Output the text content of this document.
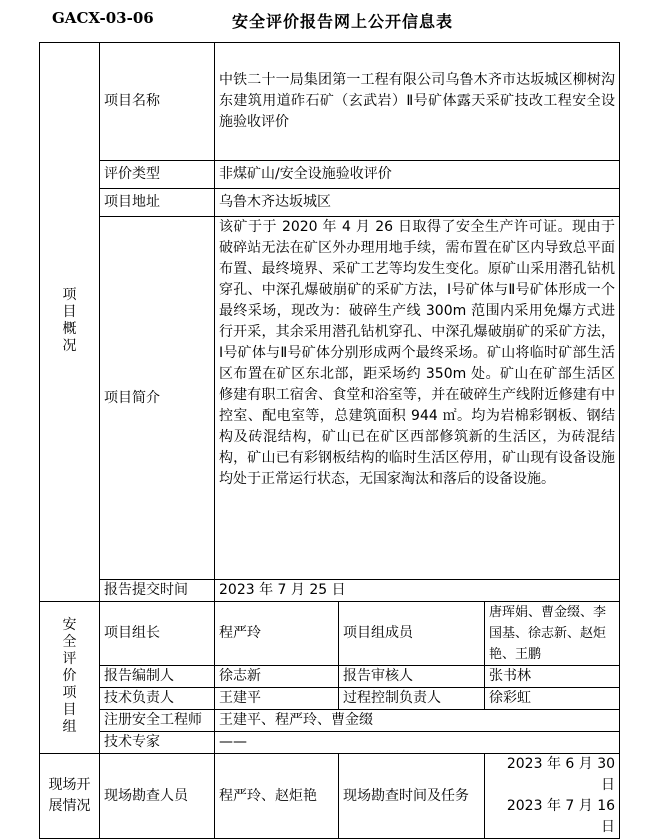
GACX-03-06	安全评价报告网上公开信息表
项目概况	项目名称	中铁二十一局集团第一工程有限公司乌鲁木齐市达坂城区柳树沟东建筑用道砟石矿（玄武岩）Ⅱ号矿体露天采矿技改工程安全设施验收评价		
	评价类型	非煤矿山/安全设施验收评价		
	项目地址	乌鲁木齐达坂城区		
	项目简介	该矿于于 2020 年 4 月 26 日取得了安全生产许可证。现由于破碎站无法在矿区外办理用地手续，需布置在矿区内导致总平面布置、最终境界、采矿工艺等均发生变化。原矿山采用潜孔钻机穿孔、中深孔爆破崩矿的采矿方法，Ⅰ号矿体与Ⅱ号矿体形成一个最终采场，现改为：破碎生产线 300m 范围内采用免爆方式进行开采，其余采用潜孔钻机穿孔、中深孔爆破崩矿的采矿方法，Ⅰ号矿体与Ⅱ号矿体分别形成两个最终采场。矿山将临时矿部生活区布置在矿区东北部，距采场约 350m 处。矿山在矿部生活区修建有职工宿舍、食堂和浴室等，并在破碎生产线附近修建有中控室、配电室等，总建筑面积 944 ㎡。均为岩棉彩钢板、钢结构及砖混结构，矿山已在矿区西部修筑新的生活区，为砖混结构，矿山已有彩钢板结构的临时生活区停用，矿山现有设备设施均处于正常运行状态，无国家淘汰和落后的设备设施。		
	报告提交时间	2023 年 7 月 25 日		
安全评价项目组	项目组长	程严玲	项目组成员	唐珲娟、曹金缀、李国基、徐志新、赵炬艳、王鹏
	报告编制人	徐志新	报告审核人	张书林
	技术负责人	王建平	过程控制负责人	徐彩虹
	注册安全工程师	王建平、程严玲、曹金缀		
	技术专家	——		
现场开展情况	现场勘查人员	程严玲、赵炬艳	现场勘查时间及任务	2023 年 6 月 30 日
2023 年 7 月 16 日
